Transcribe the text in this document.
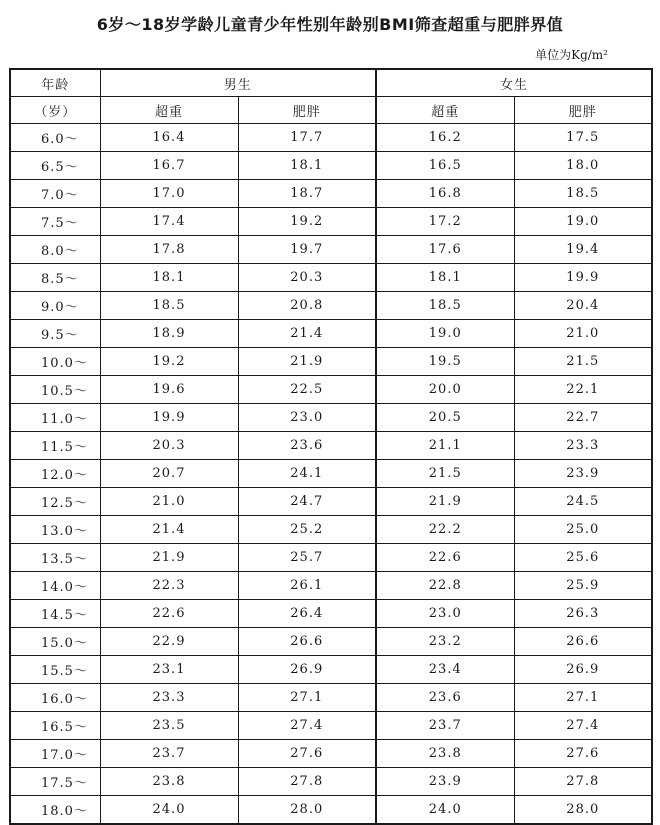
6岁～18岁学龄儿童青少年性别年龄别BMI筛查超重与肥胖界值
单位为Kg/m²
年龄	男生		女生	
（岁）	超重	肥胖	超重	肥胖
6.0～	16.4	17.7	16.2	17.5
6.5～	16.7	18.1	16.5	18.0
7.0～	17.0	18.7	16.8	18.5
7.5～	17.4	19.2	17.2	19.0
8.0～	17.8	19.7	17.6	19.4
8.5～	18.1	20.3	18.1	19.9
9.0～	18.5	20.8	18.5	20.4
9.5～	18.9	21.4	19.0	21.0
10.0～	19.2	21.9	19.5	21.5
10.5～	19.6	22.5	20.0	22.1
11.0～	19.9	23.0	20.5	22.7
11.5～	20.3	23.6	21.1	23.3
12.0～	20.7	24.1	21.5	23.9
12.5～	21.0	24.7	21.9	24.5
13.0～	21.4	25.2	22.2	25.0
13.5～	21.9	25.7	22.6	25.6
14.0～	22.3	26.1	22.8	25.9
14.5～	22.6	26.4	23.0	26.3
15.0～	22.9	26.6	23.2	26.6
15.5～	23.1	26.9	23.4	26.9
16.0～	23.3	27.1	23.6	27.1
16.5～	23.5	27.4	23.7	27.4
17.0～	23.7	27.6	23.8	27.6
17.5～	23.8	27.8	23.9	27.8
18.0～	24.0	28.0	24.0	28.0
